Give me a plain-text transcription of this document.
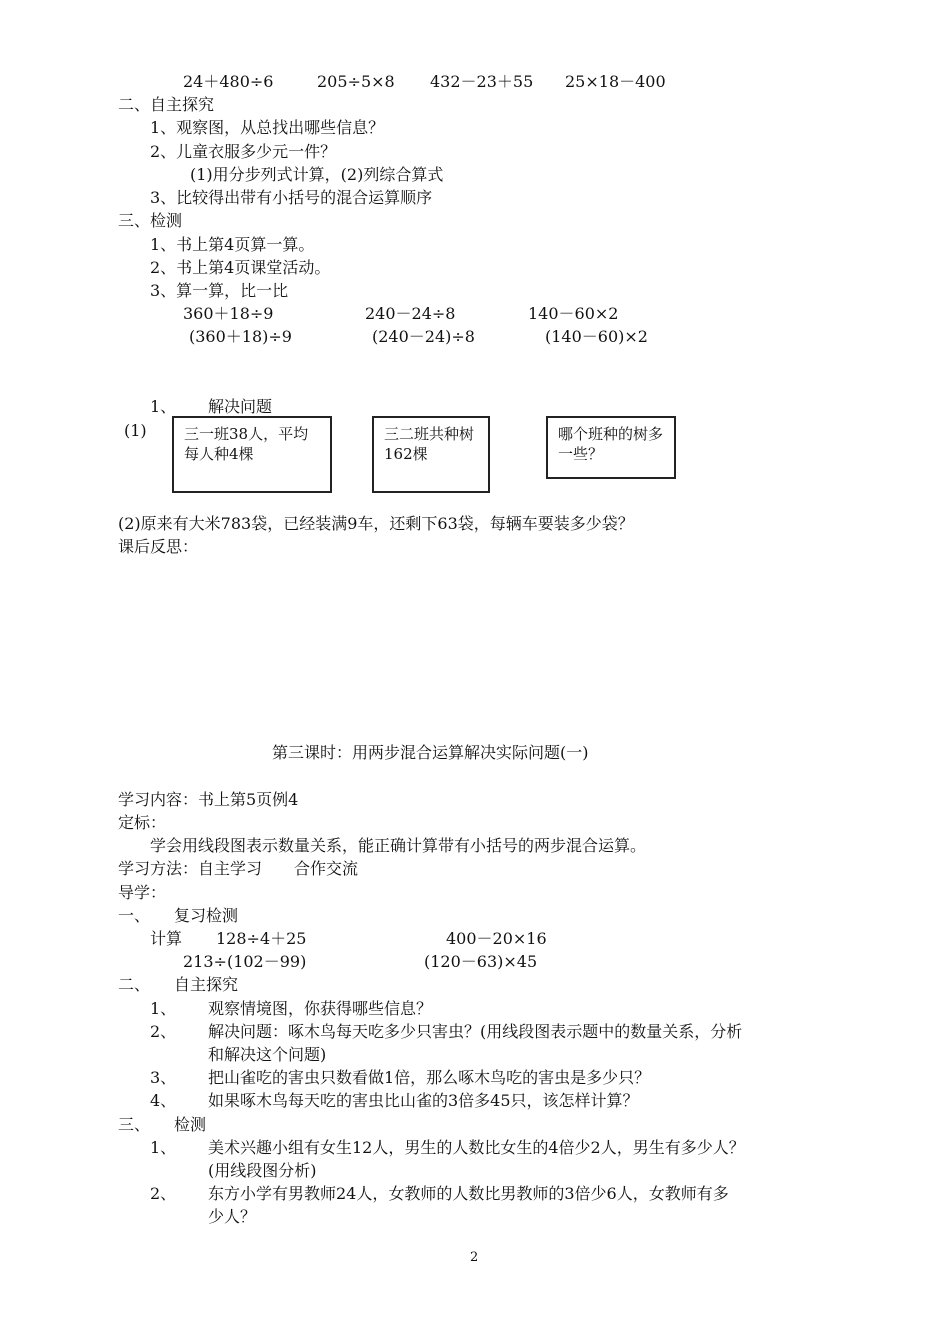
24＋480÷6	205÷5×8 432－23＋55 25×18－400
二、自主探究
1、观察图，从总找出哪些信息？
2、儿童衣服多少元一件？
(1)用分步列式计算，(2)列综合算式
3、比较得出带有小括号的混合运算顺序
三、检测
1、书上第4页算一算。
2、书上第4页课堂活动。
3、算一算，比一比
360＋18÷9	240－24÷8	140－60×2
(360＋18)÷9	(240－24)÷8	(140－60)×2
1、 解决问题
(1)	三一班38人，平均每人种4棵
三二班共种树162棵
哪个班种的树多一些？
(2)原来有大米783袋，已经装满9车，还剩下63袋，每辆车要装多少袋？
课后反思：
第三课时：用两步混合运算解决实际问题(一)
学习内容：书上第5页例4
定标：
学会用线段图表示数量关系，能正确计算带有小括号的两步混合运算。
学习方法：自主学习　　合作交流
导学：
一、 复习检测
计算 128÷4＋25	400－20×16
213÷(102－99)	(120－63)×45
二、 自主探究
1、 观察情境图，你获得哪些信息？
2、 解决问题：啄木鸟每天吃多少只害虫？(用线段图表示题中的数量关系，分析
和解决这个问题)
3、 把山雀吃的害虫只数看做1倍，那么啄木鸟吃的害虫是多少只？
4、 如果啄木鸟每天吃的害虫比山雀的3倍多45只，该怎样计算？
三、 检测
1、 美术兴趣小组有女生12人，男生的人数比女生的4倍少2人，男生有多少人？
(用线段图分析)
2、 东方小学有男教师24人，女教师的人数比男教师的3倍少6人，女教师有多
少人？
2
